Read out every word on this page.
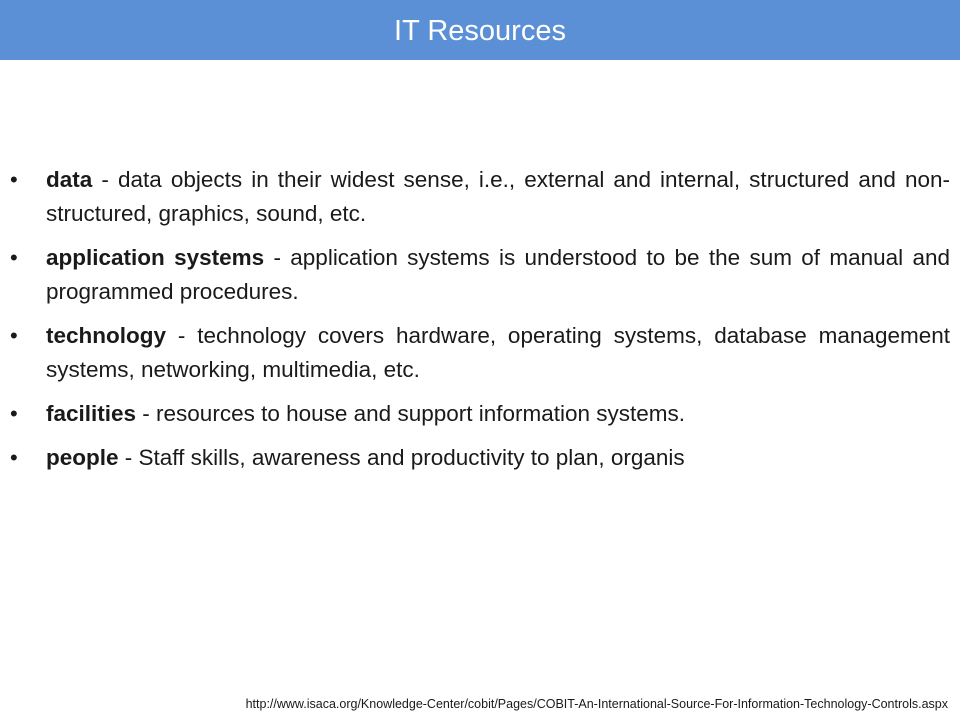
IT Resources
• data - data objects in their widest sense, i.e., external and internal, structured and non-structured, graphics, sound, etc.
• application systems - application systems is understood to be the sum of manual and programmed procedures.
• technology - technology covers hardware, operating systems, database management systems, networking, multimedia, etc.
• facilities - resources to house and support information systems.
• people - Staff skills, awareness and productivity to plan, organis
http://www.isaca.org/Knowledge-Center/cobit/Pages/COBIT-An-International-Source-For-Information-Technology-Controls.aspx
